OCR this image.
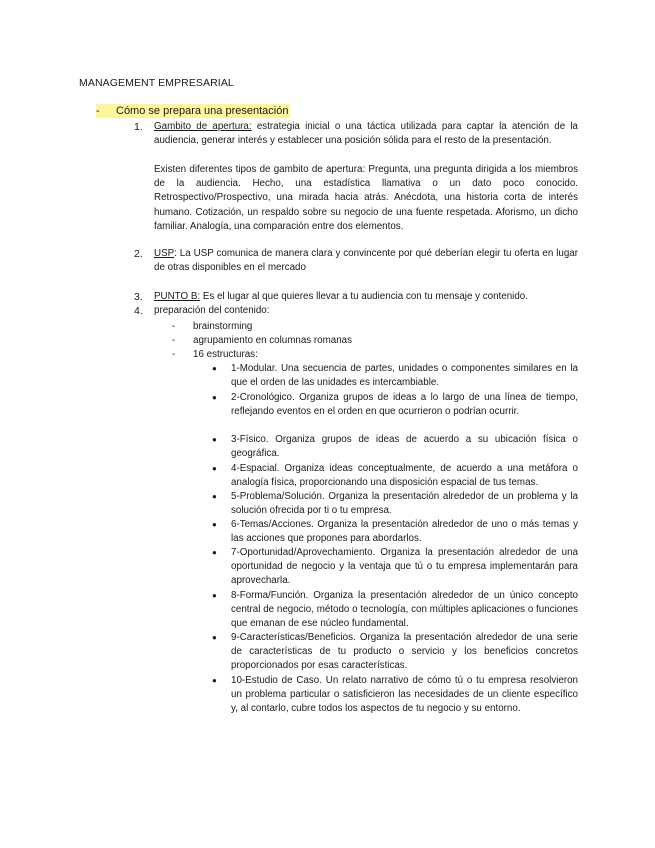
MANAGEMENT EMPRESARIAL
-	Cómo se prepara una presentación
1.	Gambito de apertura: estrategia inicial o una táctica utilizada para captar la atención de la audiencia, generar interés y establecer una posición sólida para el resto de la presentación.
Existen diferentes tipos de gambito de apertura: Pregunta, una pregunta dirigida a los miembros de la audiencia. Hecho, una estadística llamativa o un dato poco conocido. Retrospectivo/Prospectivo, una mirada hacia atrás. Anécdota, una historia corta de interés humano. Cotización, un respaldo sobre su negocio de una fuente respetada. Aforismo, un dicho familiar. Analogía, una comparación entre dos elementos.
2.	USP: La USP comunica de manera clara y convincente por qué deberían elegir tu oferta en lugar de otras disponibles en el mercado
3.	PUNTO B: Es el lugar al que quieres llevar a tu audiencia con tu mensaje y contenido.
4.	preparación del contenido:
- brainstorming
- agrupamiento en columnas romanas
- 16 estructuras:
● 1-Modular. Una secuencia de partes, unidades o componentes similares en la que el orden de las unidades es intercambiable.
● 2-Cronológico. Organiza grupos de ideas a lo largo de una línea de tiempo, reflejando eventos en el orden en que ocurrieron o podrían ocurrir.
● 3-Físico. Organiza grupos de ideas de acuerdo a su ubicación física o geográfica.
● 4-Espacial. Organiza ideas conceptualmente, de acuerdo a una metáfora o analogía física, proporcionando una disposición espacial de tus temas.
● 5-Problema/Solución. Organiza la presentación alrededor de un problema y la solución ofrecida por ti o tu empresa.
● 6-Temas/Acciones. Organiza la presentación alrededor de uno o más temas y las acciones que propones para abordarlos.
● 7-Oportunidad/Aprovechamiento. Organiza la presentación alrededor de una oportunidad de negocio y la ventaja que tú o tu empresa implementarán para aprovecharla.
● 8-Forma/Función. Organiza la presentación alrededor de un único concepto central de negocio, método o tecnología, con múltiples aplicaciones o funciones que emanan de ese núcleo fundamental.
● 9-Características/Beneficios. Organiza la presentación alrededor de una serie de características de tu producto o servicio y los beneficios concretos proporcionados por esas características.
● 10-Estudio de Caso. Un relato narrativo de cómo tú o tu empresa resolvieron un problema particular o satisficieron las necesidades de un cliente específico y, al contarlo, cubre todos los aspectos de tu negocio y su entorno.
